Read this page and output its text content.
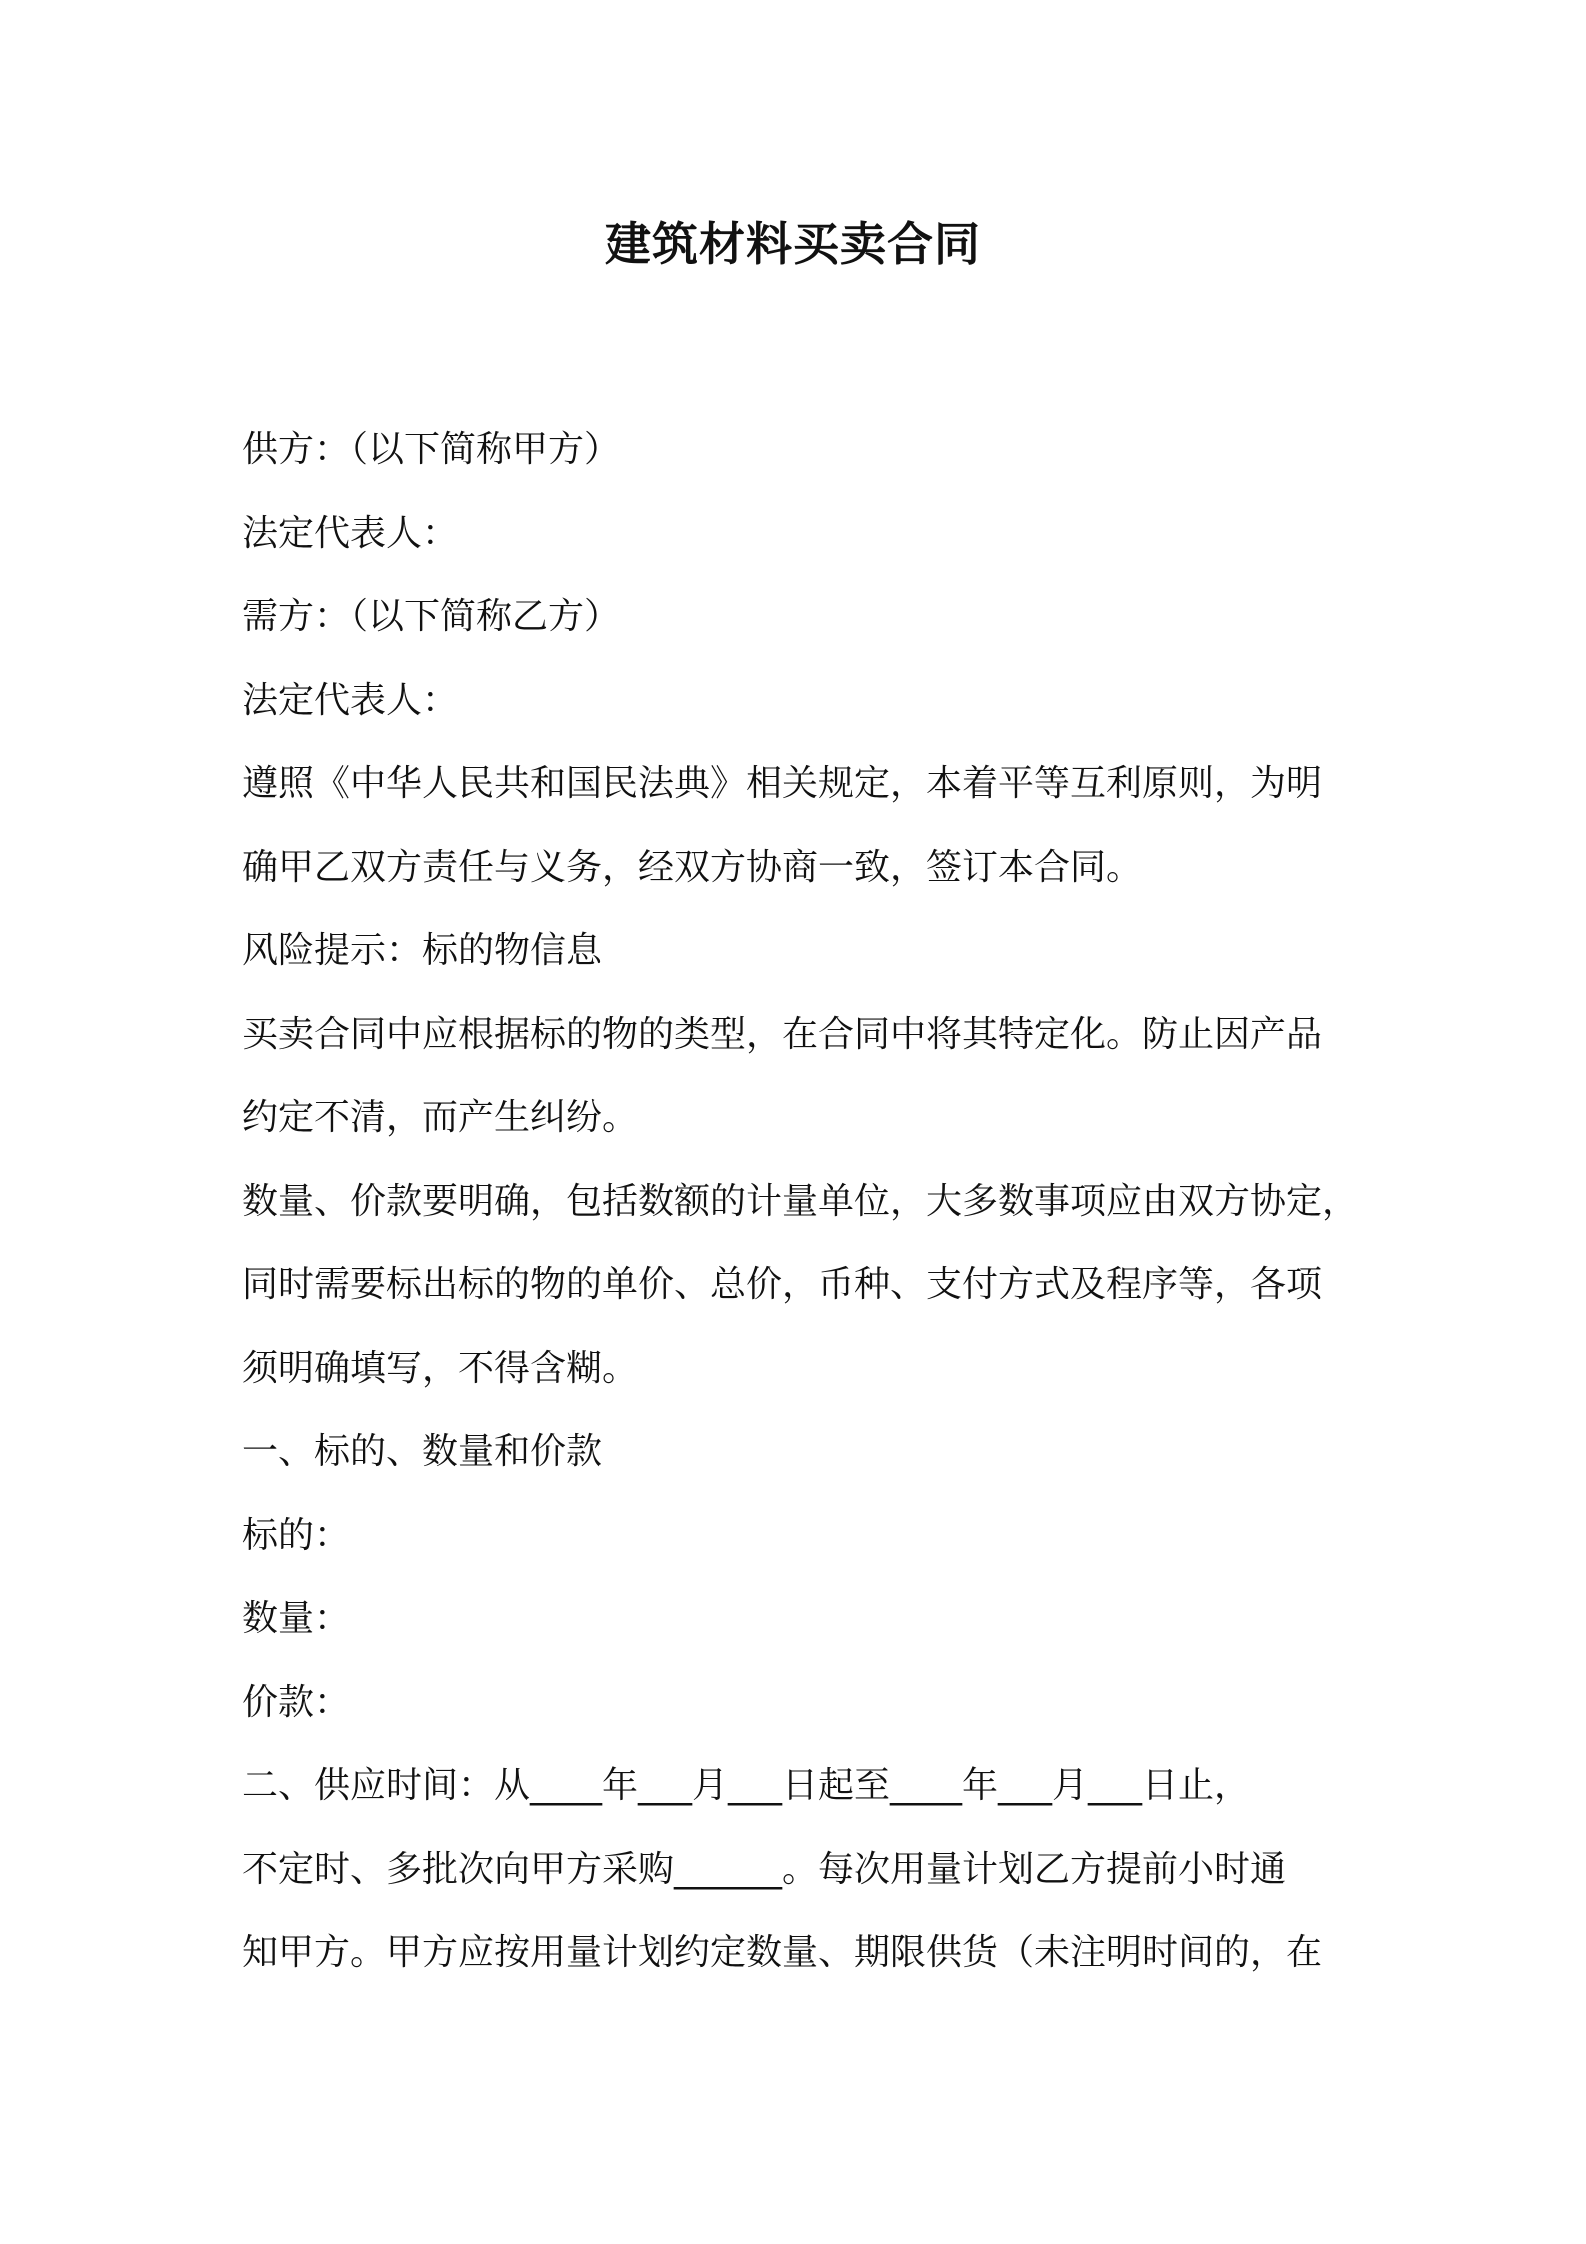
建筑材料买卖合同
供方：（以下简称甲方）
法定代表人：
需方：（以下简称乙方）
法定代表人：
遵照《中华人民共和国民法典》相关规定，本着平等互利原则，为明
确甲乙双方责任与义务，经双方协商一致，签订本合同。
风险提示：标的物信息
买卖合同中应根据标的物的类型，在合同中将其特定化。防止因产品
约定不清，而产生纠纷。
数量、价款要明确，包括数额的计量单位，大多数事项应由双方协定，
同时需要标出标的物的单价、总价，币种、支付方式及程序等，各项
须明确填写，不得含糊。
一、标的、数量和价款
标的：
数量：
价款：
二、供应时间：从____年___月___日起至____年___月___日止，
不定时、多批次向甲方采购______。每次用量计划乙方提前小时通
知甲方。甲方应按用量计划约定数量、期限供货（未注明时间的，在
